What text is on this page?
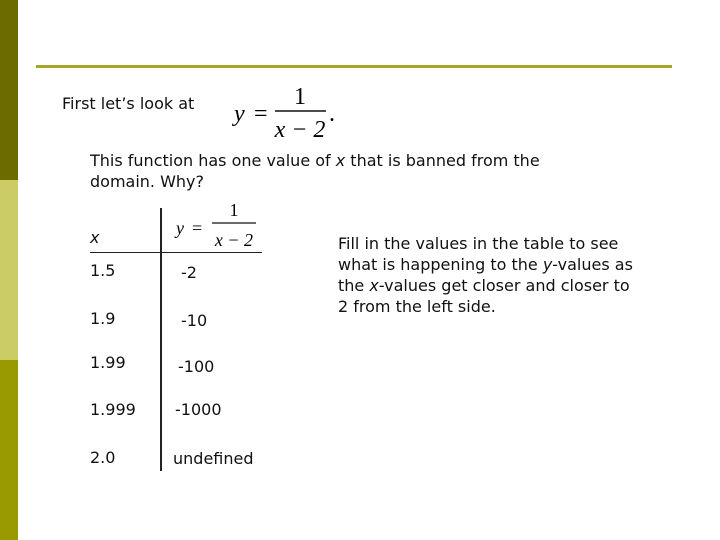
First let’s look at y =
1
x − 2
.
This function has one value of x that is banned from the
domain. Why?
x	y =
1
x − 2
1.5	-2
1.9	-10
1.99	-100
1.999 -1000
2.0	undefined
Fill in the values in the table to see
what is happening to the y-values as
the x-values get closer and closer to
2 from the left side.
